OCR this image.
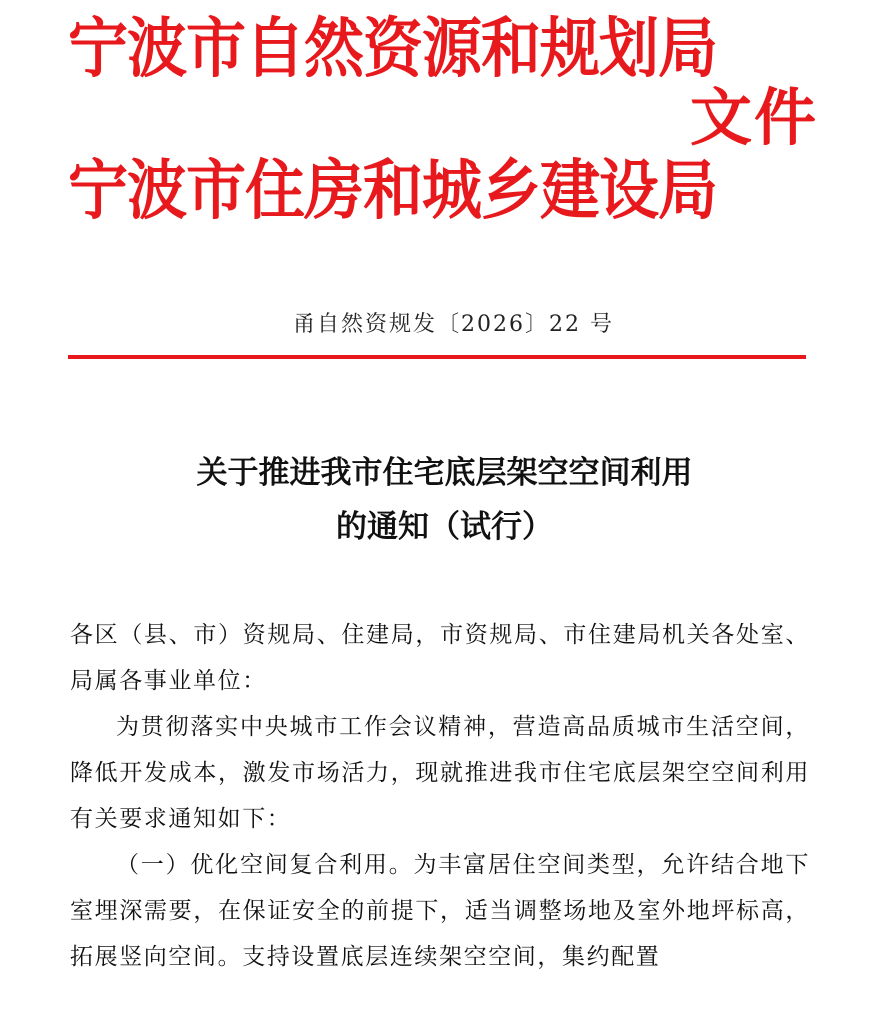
宁波市自然资源和规划局
文件
宁波市住房和城乡建设局
甬自然资规发〔2026〕22 号
关于推进我市住宅底层架空空间利用
的通知（试行）

各区（县、市）资规局、住建局，市资规局、市住建局机关各处室、局属各事业单位：

为贯彻落实中央城市工作会议精神，营造高品质城市生活空间，降低开发成本，激发市场活力，现就推进我市住宅底层架空空间利用有关要求通知如下：

（一）优化空间复合利用。为丰富居住空间类型，允许结合地下室埋深需要，在保证安全的前提下，适当调整场地及室外地坪标高，拓展竖向空间。支持设置底层连续架空空间，集约配置
